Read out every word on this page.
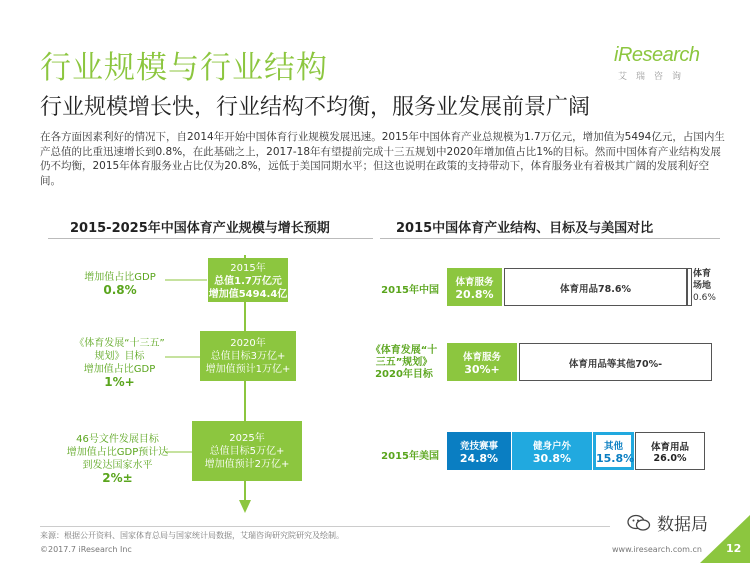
行业规模与行业结构	iResearch
艾瑞咨询
行业规模增长快，行业结构不均衡，服务业发展前景广阔
在各方面因素利好的情况下，自2014年开始中国体育行业规模发展迅速。2015年中国体育产业总规模为1.7万亿元，增加值为5494亿元，占国内生产总值的比重迅速增长到0.8%，在此基础之上，2017-18年有望提前完成十三五规划中2020年增加值占比1%的目标。然而中国体育产业结构发展仍不均衡，2015年体育服务业占比仅为20.8%，远低于美国同期水平；但这也说明在政策的支持带动下，体育服务业有着极其广阔的发展利好空间。
2015-2025年中国体育产业规模与增长预期
2015年
总值1.7万亿元
增加值5494.4亿
2020年
总值目标3万亿+
增加值预计1万亿+
2025年
总值目标5万亿+
增加值预计2万亿+
增加值占比GDP
0.8%
《体育发展“十三五”
规划》目标
增加值占比GDP
1%+
46号文件发展目标
增加值占比GDP预计达
到发达国家水平
2%±
2015中国体育产业结构、目标及与美国对比
2015年中国
体育服务
20.8%	体育用品78.6%
体育场地
0.6%
《体育发展“十
三五”规划》
2020年目标
体育服务
30%+	体育用品等其他70%-
2015年美国
竞技赛事
24.8%
健身户外
30.8%
其他
15.8%
体育用品
26.0%
来源：根据公开资料、国家体育总局与国家统计局数据，艾瑞咨询研究院研究及绘制。
©2017.7 iResearch Inc	www.iresearch.com.cn
数据局
12
